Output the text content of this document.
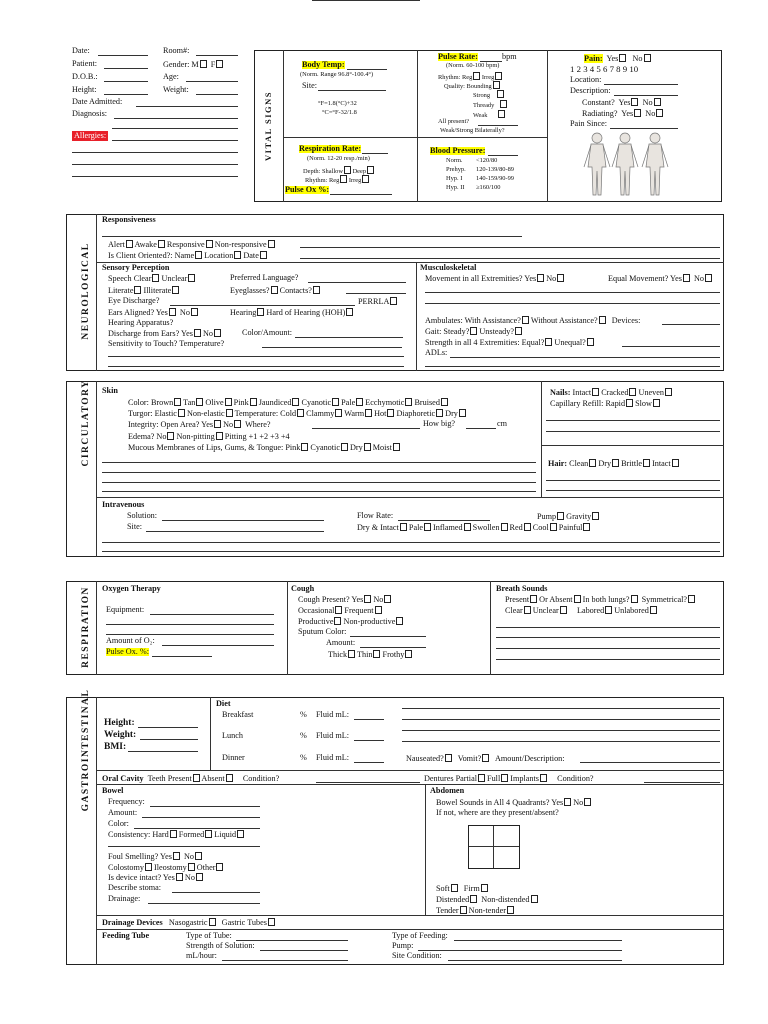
Date:
Patient:
D.O.B.:
Height:
Date Admitted:
Diagnosis:
Allergies:
Room#:
Gender: M F
Age:
Weight:
VITAL SIGNS
Body Temp:
(Norm. Range 96.8°-100.4°)
Site:
°F=1.8(°C)+32
°C=°F-32/1.8
Respiration Rate:
(Norm. 12-20 resp./min)
Depth: Shallow Deep
Rhythm: Reg Irreg
Pulse Ox %:
Pulse Rate:	bpm
(Norm. 60-100 bpm)
Rhythm: Reg Irreg
Quality: Bounding
Strong
Thready
Weak
All present?
Weak/Strong Bilaterally?
Blood Pressure:
Norm. <120/80
Prehyp. 120-139/80-89
Hyp. I 140-159/90-99
Hyp. II ≥160/100
Pain: Yes No
1 2 3 4 5 6 7 8 9 10
Location:
Description:
Constant? Yes No
Radiating? Yes No
Pain Since:
NEUROLOGICAL
Responsiveness
Alert Awake Responsive Non-responsive
Is Client Oriented?: Name Location Date
Sensory Perception
Speech Clear Unclear
Literate Illiterate
Eye Discharge?
Ears Aligned? Yes No
Hearing Apparatus?
Discharge from Ears? Yes No
Sensitivity to Touch? Temperature?
Preferred Language?
Eyeglasses? Contacts?
PERRLA
Hearing Hard of Hearing (HOH)
Color/Amount:
Musculoskeletal
Movement in all Extremities? Yes No	Equal Movement? Yes No
Ambulates: With Assistance? Without Assistance? Devices:
Gait: Steady? Unsteady?
Strength in all 4 Extremities: Equal? Unequal?
ADLs:
CIRCULATORY Skin
Color: Brown Tan Olive Pink Jaundiced Cyanotic Pale Ecchymotic Bruised
Turgor: Elastic Non-elastic Temperature: Cold Clammy Warm Hot Diaphoretic Dry
Integrity: Open Area? Yes No Where?	How big?	cm
Edema? No Non-pitting Pitting +1 +2 +3 +4
Mucous Membranes of Lips, Gums, & Tongue: Pink Cyanotic Dry Moist
Nails: Intact Cracked Uneven
Capillary Refill: Rapid Slow
Hair: Clean Dry Brittle Intact
Intravenous
Solution:
Site:
Flow Rate:	Pump Gravity
Dry & Intact Pale Inflamed Swollen Red Cool Painful
RESPIRATION Oxygen Therapy
Equipment:
Amount of O₂:
Pulse Ox. %:
Cough
Cough Present? Yes No
Occasional Frequent
Productive Non-productive
Sputum Color:
Amount:
Thick Thin Frothy
Breath Sounds
Present Or Absent In both lungs? Symmetrical?
Clear Unclear Labored Unlabored
GASTROINTESTINAL Height:
Weight:
BMI:
Diet
Breakfast	% Fluid mL:
Lunch	% Fluid mL:
Dinner	% Fluid mL:	Nauseated? Vomit? Amount/Description:
Oral Cavity Teeth Present Absent Condition?	Dentures Partial Full Implants Condition?
Bowel
Frequency:
Amount:
Color:
Consistency: Hard Formed Liquid
Foul Smelling? Yes No
Colostomy Ileostomy Other
Is device intact? Yes No
Describe stoma:
Drainage:
Abdomen
Bowel Sounds in All 4 Quadrants? Yes No
If not, where are they present/absent?
Soft Firm
Distended Non-distended
Tender Non-tender
Drainage Devices Nasogastric Gastric Tubes
Feeding Tube	Type of Tube:
Strength of Solution:
mL/hour:
Type of Feeding:
Pump:
Site Condition:
